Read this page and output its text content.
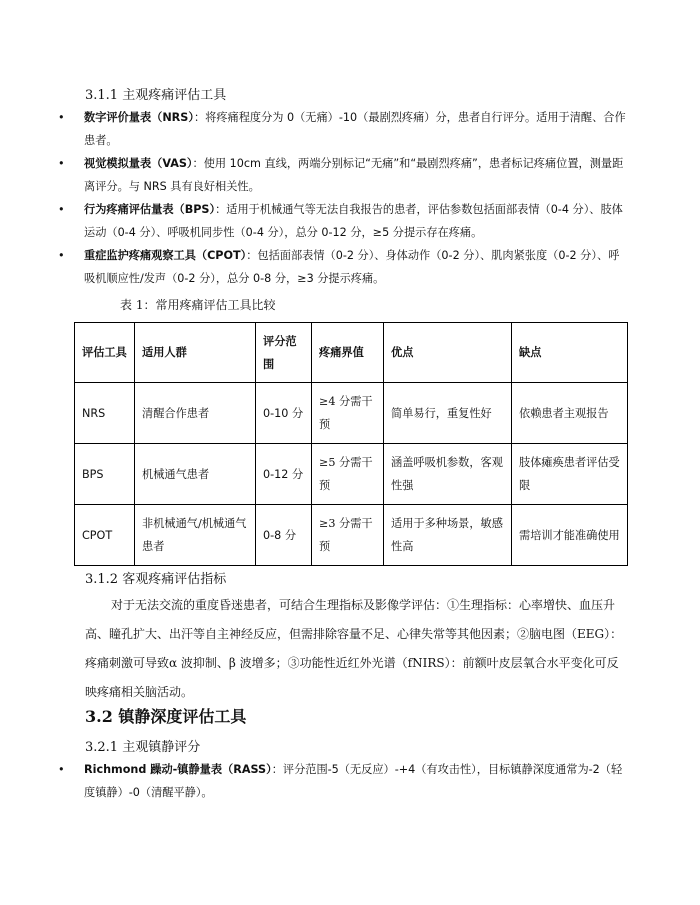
3.1.1 主观疼痛评估工具
• 数字评价量表（NRS）：将疼痛程度分为 0（无痛）-10（最剧烈疼痛）分，患者自行评分。适用于清醒、合作患者。
• 视觉模拟量表（VAS）：使用 10cm 直线，两端分别标记“无痛”和“最剧烈疼痛”，患者标记疼痛位置，测量距离评分。与 NRS 具有良好相关性。
• 行为疼痛评估量表（BPS）：适用于机械通气等无法自我报告的患者，评估参数包括面部表情（0-4 分）、肢体运动（0-4 分）、呼吸机同步性（0-4 分），总分 0-12 分，≥5 分提示存在疼痛。
• 重症监护疼痛观察工具（CPOT）：包括面部表情（0-2 分）、身体动作（0-2 分）、肌肉紧张度（0-2 分）、呼吸机顺应性/发声（0-2 分），总分 0-8 分，≥3 分提示疼痛。
表 1：常用疼痛评估工具比较
评估工具	适用人群	评分范围	疼痛界值	优点	缺点
NRS	清醒合作患者	0-10 分	≥4 分需干预	简单易行，重复性好	依赖患者主观报告
BPS	机械通气患者	0-12 分	≥5 分需干预	涵盖呼吸机参数，客观性强	肢体瘫痪患者评估受限
CPOT	非机械通气/机械通气患者	0-8 分	≥3 分需干预	适用于多种场景，敏感性高	需培训才能准确使用
3.1.2 客观疼痛评估指标
对于无法交流的重度昏迷患者，可结合生理指标及影像学评估：①生理指标：心率增快、血压升高、瞳孔扩大、出汗等自主神经反应，但需排除容量不足、心律失常等其他因素；②脑电图（EEG）：疼痛刺激可导致α 波抑制、β 波增多；③功能性近红外光谱（fNIRS）：前额叶皮层氧合水平变化可反映疼痛相关脑活动。
3.2 镇静深度评估工具
3.2.1 主观镇静评分
• Richmond 躁动-镇静量表（RASS）：评分范围-5（无反应）-+4（有攻击性），目标镇静深度通常为-2（轻度镇静）-0（清醒平静）。
